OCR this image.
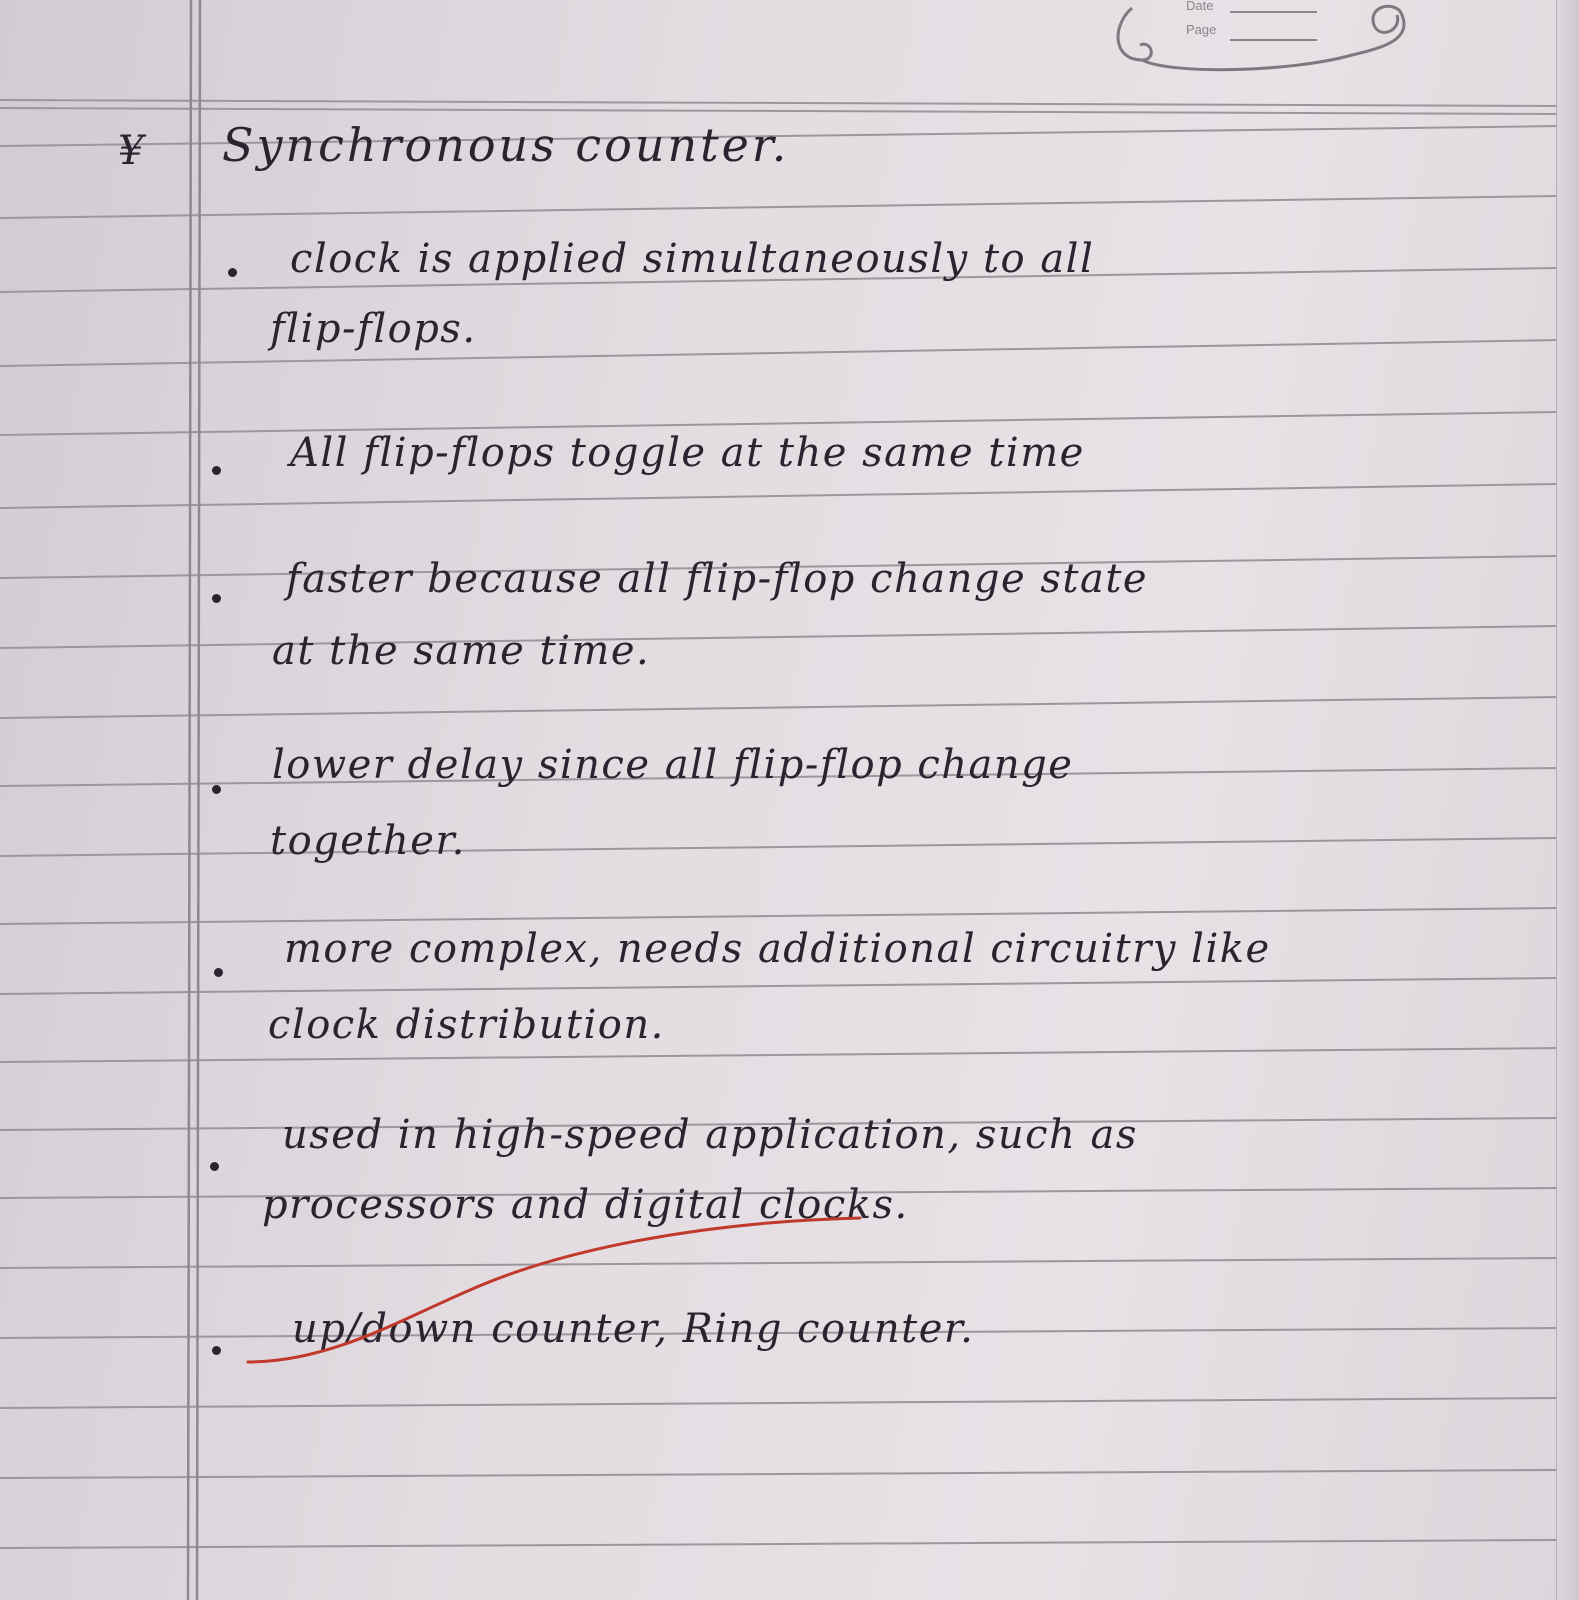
Date
Page

¥ Synchronous counter.

clock is applied simultaneously to all

flip-flops.

All flip-flops toggle at the same time

faster because all flip-flop change state

at the same time.

lower delay since all flip-flop change

together.

more complex, needs additional circuitry like

clock distribution.

used in high-speed application, such as

processors and digital clocks.

up/down counter, Ring counter.
